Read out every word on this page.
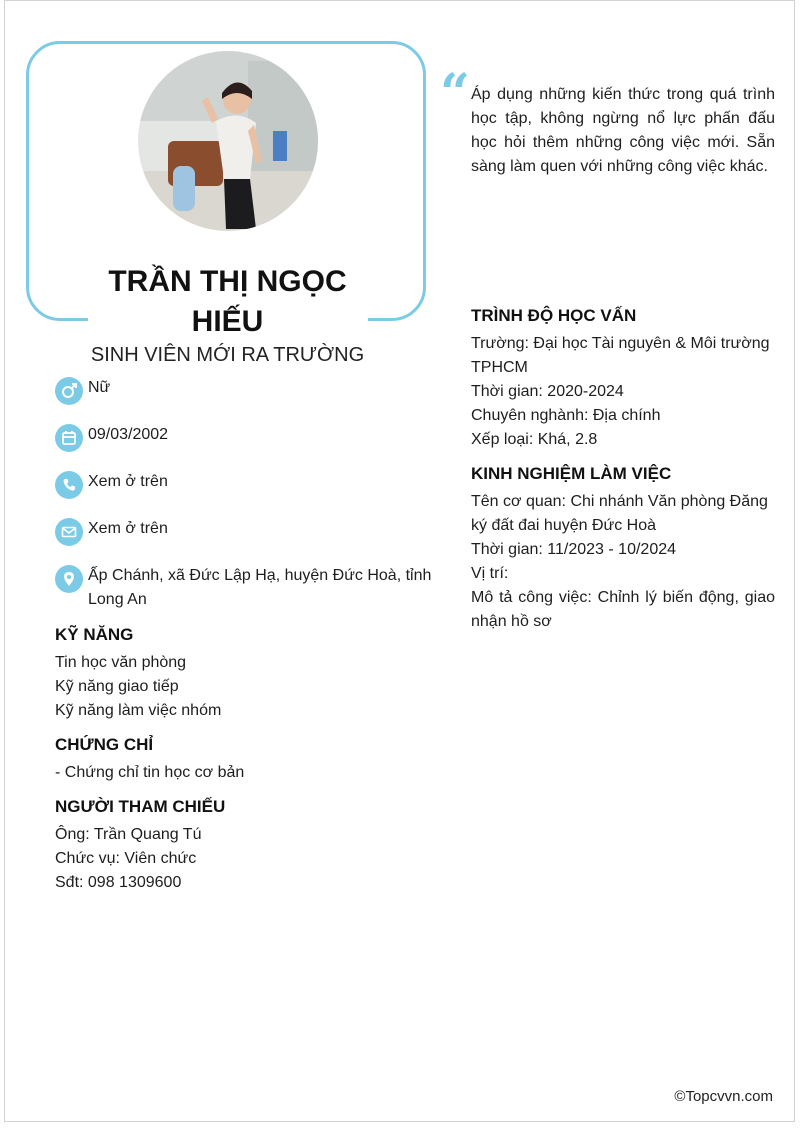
TRẦN THỊ NGỌC HIẾU
SINH VIÊN MỚI RA TRƯỜNG
“ Áp dụng những kiến thức trong quá trình học tập, không ngừng nổ lực phấn đấu học hỏi thêm những công việc mới. Sẵn sàng làm quen với những công việc khác.
Nữ
09/03/2002
Xem ở trên
Xem ở trên
Ấp Chánh, xã Đức Lập Hạ, huyện Đức Hoà, tỉnh Long An
KỸ NĂNG
Tin học văn phòng
Kỹ năng giao tiếp
Kỹ năng làm việc nhóm
CHỨNG CHỈ
- Chứng chỉ tin học cơ bản
NGƯỜI THAM CHIẾU
Ông: Trần Quang Tú
Chức vụ: Viên chức
Sđt: 098 1309600
TRÌNH ĐỘ HỌC VẤN
Trường: Đại học Tài nguyên & Môi trường TPHCM
Thời gian: 2020-2024
Chuyên nghành: Địa chính
Xếp loại: Khá, 2.8
KINH NGHIỆM LÀM VIỆC
Tên cơ quan: Chi nhánh Văn phòng Đăng ký đất đai huyện Đức Hoà
Thời gian: 11/2023 - 10/2024
Vị trí:
Mô tả công việc: Chỉnh lý biến động, giao nhận hồ sơ
©Topcvvn.com
